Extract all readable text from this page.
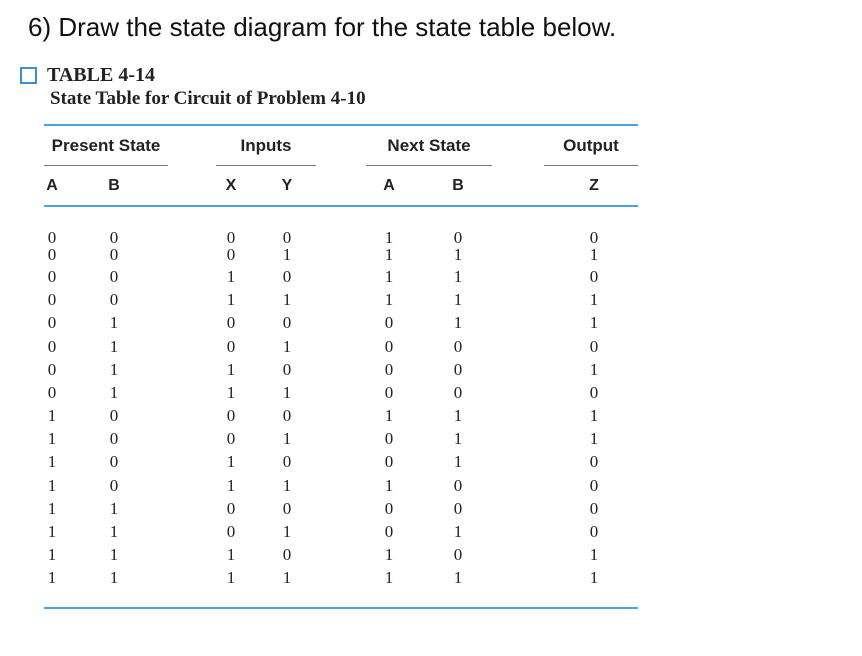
6) Draw the state diagram for the state table below.
TABLE 4-14
State Table for Circuit of Problem 4-10
Present State	Inputs	Next State	Output
A	B	X	Y	A	B	Z
0	0	0	0	1	0	0
0	0	0	1	1	1	1
0	0	1	0	1	1	0
0	0	1	1	1	1	1
0	1	0	0	0	1	1
0	1	0	1	0	0	0
0	1	1	0	0	0	1
0	1	1	1	0	0	0
1	0	0	0	1	1	1
1	0	0	1	0	1	1
1	0	1	0	0	1	0
1	0	1	1	1	0	0
1	1	0	0	0	0	0
1	1	0	1	0	1	0
1	1	1	0	1	0	1
1	1	1	1	1	1	1
